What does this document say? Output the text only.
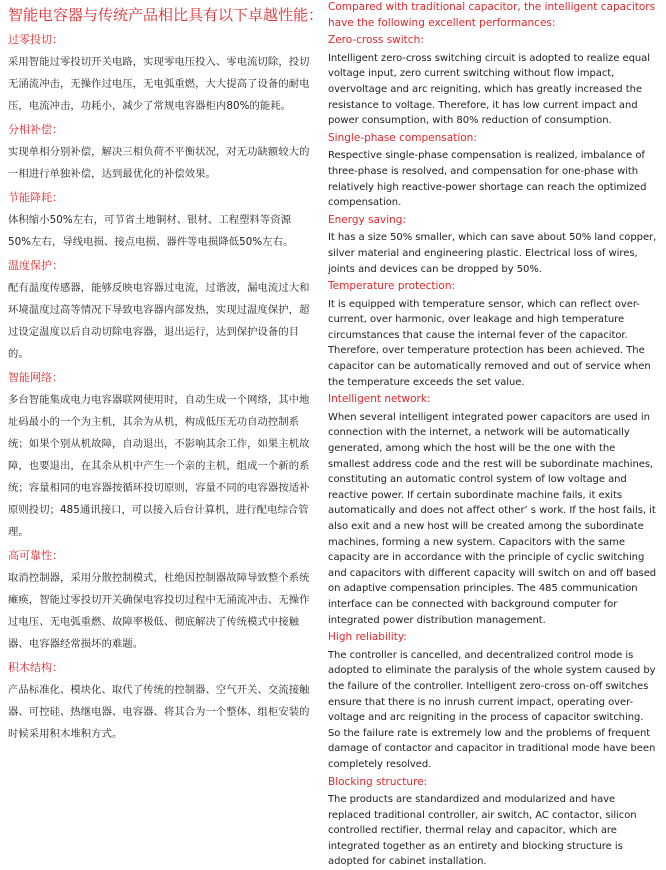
智能电容器与传统产品相比具有以下卓越性能：
过零投切：

采用智能过零投切开关电路，实现零电压投入、零电流切除，投切无涌流冲击，无操作过电压，无电弧重燃，大大提高了设备的耐电压，电流冲击，功耗小，减少了常规电容器柜内80%的能耗。

分相补偿：

实现单相分别补偿，解决三相负荷不平衡状况，对无功缺额较大的一相进行单独补偿，达到最优化的补偿效果。

节能降耗：

体积缩小50%左右，可节省土地铜材、银材、工程塑料等资源50%左右，导线电损、接点电损、器件等电损降低50%左右。

温度保护：

配有温度传感器，能够反映电容器过电流，过谐波，漏电流过大和环境温度过高等情况下导致电容器内部发热，实现过温度保护，超过设定温度以后自动切除电容器，退出运行，达到保护设备的目的。

智能网络：

多台智能集成电力电容器联网使用时，自动生成一个网络，其中地址码最小的一个为主机，其余为从机，构成低压无功自动控制系统；如果个别从机故障，自动退出，不影响其余工作，如果主机故障，也要退出，在其余从机中产生一个亲的主机，组成一个新的系统；容量相同的电容器按循环投切原则，容量不同的电容器按适补原则投切；485通讯接口，可以接入后台计算机，进行配电综合管理。

高可靠性：

取消控制器，采用分散控制模式，杜绝因控制器故障导致整个系统瘫痪，智能过零投切开关确保电容投切过程中无涌流冲击、无操作过电压、无电弧重燃、故障率极低、彻底解决了传统模式中接触器、电容器经常损坏的难题。

积木结构：

产品标准化、模块化、取代了传统的控制器、空气开关、交流接触器、可控硅、热继电器、电容器、将其合为一个整体、组柜安装的时候采用积木堆积方式。

Compared with traditional capacitor, the intelligent capacitors have the following excellent performances:
Zero-cross switch:

Intelligent zero-cross switching circuit is adopted to realize equal voltage input, zero current switching without flow impact, overvoltage and arc reigniting, which has greatly increased the resistance to voltage. Therefore, it has low current impact and power consumption, with 80% reduction of consumption.

Single-phase compensation:

Respective single-phase compensation is realized, imbalance of three-phase is resolved, and compensation for one-phase with relatively high reactive-power shortage can reach the optimized compensation.

Energy saving:

It has a size 50% smaller, which can save about 50% land copper, silver material and engineering plastic. Electrical loss of wires, joints and devices can be dropped by 50%.

Temperature protection:

It is equipped with temperature sensor, which can reflect over-current, over harmonic, over leakage and high temperature circumstances that cause the internal fever of the capacitor. Therefore, over temperature protection has been achieved. The capacitor can be automatically removed and out of service when the temperature exceeds the set value.

Intelligent network:

When several intelligent integrated power capacitors are used in connection with the internet, a network will be automatically generated, among which the host will be the one with the smallest address code and the rest will be subordinate machines, constituting an automatic control system of low voltage and reactive power. If certain subordinate machine fails, it exits automatically and does not affect other’ s work. If the host fails, it also exit and a new host will be created among the subordinate machines, forming a new system. Capacitors with the same capacity are in accordance with the principle of cyclic switching and capacitors with different capacity will switch on and off based on adaptive compensation principles. The 485 communication interface can be connected with background computer for integrated power distribution management.

High reliability:

The controller is cancelled, and decentralized control mode is adopted to eliminate the paralysis of the whole system caused by the failure of the controller. Intelligent zero-cross on-off switches ensure that there is no inrush current impact, operating over-voltage and arc reigniting in the process of capacitor switching. So the failure rate is extremely low and the problems of frequent damage of contactor and capacitor in traditional mode have been completely resolved.

Blocking structure:

The products are standardized and modularized and have replaced traditional controller, air switch, AC contactor, silicon controlled rectifier, thermal relay and capacitor, which are integrated together as an entirety and blocking structure is adopted for cabinet installation.
